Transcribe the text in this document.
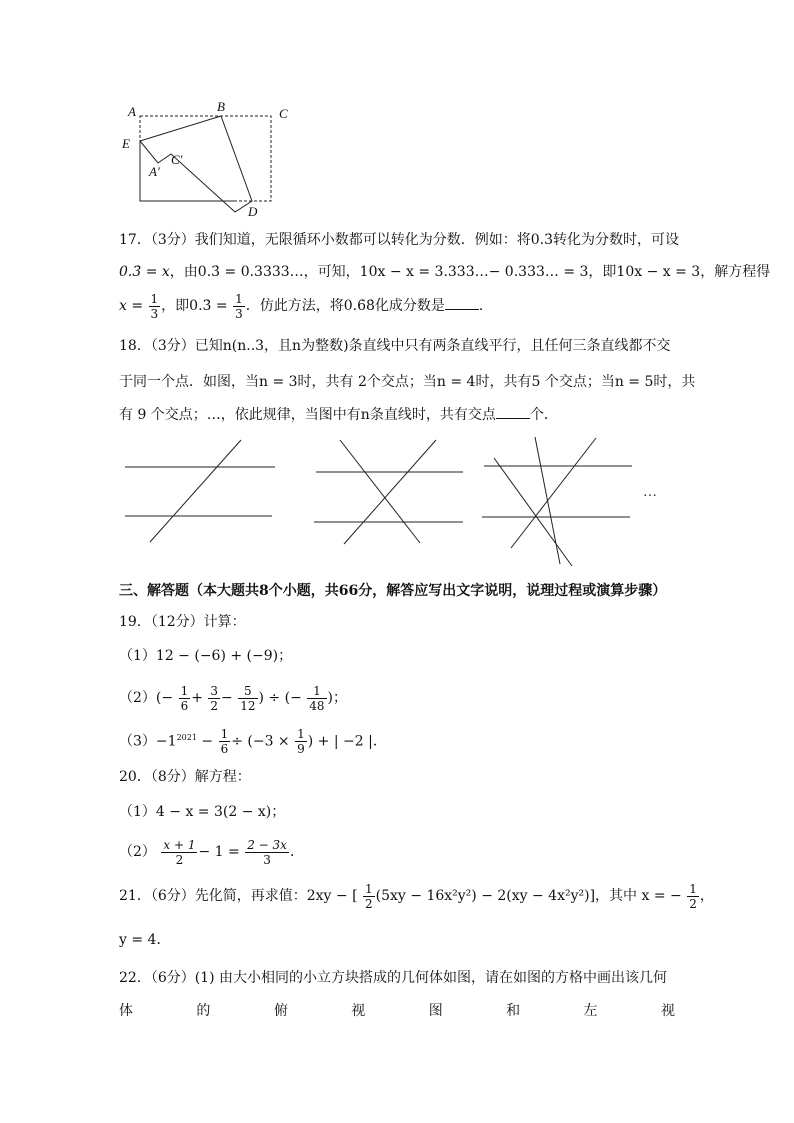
A	B	C
E
A′
C′
D
17．（3分）我们知道，无限循环小数都可以转化为分数．例如：将0.3̇转化为分数时，可设
0.3̇ = x，由0.3̇ = 0.3333…，可知，10x − x = 3.333…− 0.333… = 3，即10x − x = 3，解方程得
$x = \frac{1}{3}$ ，即0.3̇ = $\frac{1}{3}$ ．仿此方法，将0.6̇8̇化成分数是 ．
18．（3分）已知n(n..3，且n为整数)条直线中只有两条直线平行，且任何三条直线都不交
于同一个点．如图，当n = 3时，共有 2个交点；当n = 4时，共有5 个交点；当n = 5时，共
有 9 个交点；…，依此规律，当图中有n条直线时，共有交点 个．
…
三、解答题（本大题共8个小题，共66分，解答应写出文字说明，说理过程或演算步骤）
19．（12分）计算：
（1）12 − (−6) + (−9)；
$(2)(- \frac{1}{6} + \frac{3}{2} - \frac{5}{12}$ ) ÷ (− $\frac{1}{48}$ )；
$(3)-1^{2021} - \frac{1}{6} \div (-3 \times \frac{1}{9}$ ) + | −2 |．
20．（8分）解方程：
（1）4 − x = 3(2 − x)；
$(2) \frac{x + 1}{2} - 1 = \frac{2 - 3x}{3}$ ．
21．（6分）先化简，再求值：2xy − [ $\frac{1}{2} (5xy - 16x^2y^2) - 2(xy - 4x^2y^2)$]，其中 x = − $\frac{1}{2}$ ，
y = 4．
22．（6分）(1) 由大小相同的小立方块搭成的几何体如图，请在如图的方格中画出该几何
体	的	俯	视	图	和	左	视
